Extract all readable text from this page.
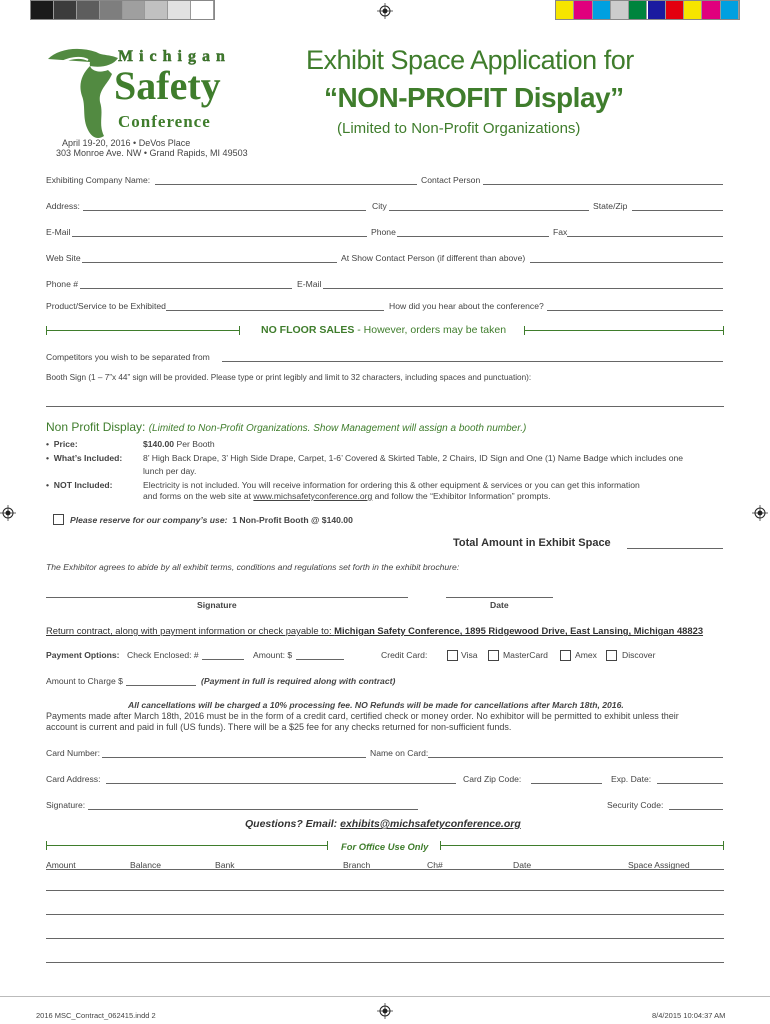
Michigan
Safety
Conference
April 19-20, 2016 • DeVos Place
303 Monroe Ave. NW • Grand Rapids, MI 49503
Exhibit Space Application for
“NON-PROFIT Display”
(Limited to Non-Profit Organizations)
Exhibiting Company Name:	Contact Person
Address:	City	State/Zip
E-Mail	Phone	Fax
Web Site	At Show Contact Person (if different than above)
Phone #	E-Mail
Product/Service to be Exhibited	How did you hear about the conference?
NO FLOOR SALES - However, orders may be taken
Competitors you wish to be separated from
Booth Sign (1 – 7”x 44” sign will be provided. Please type or print legibly and limit to 32 characters, including spaces and punctuation):
Non Profit Display: (Limited to Non-Profit Organizations. Show Management will assign a booth number.)
•  Price:	$140.00 Per Booth
•  What’s Included: 8’ High Back Drape, 3’ High Side Drape, Carpet, 1-6’ Covered & Skirted Table, 2 Chairs, ID Sign and One (1) Name Badge which includes one
lunch per day.
•  NOT Included:	Electricity is not included. You will receive information for ordering this & other equipment & services or you can get this information
and forms on the web site at www.michsafetyconference.org and follow the “Exhibitor Information” prompts.
Please reserve for our company’s use: 1 Non-Profit Booth @ $140.00
Total Amount in Exhibit Space
The Exhibitor agrees to abide by all exhibit terms, conditions and regulations set forth in the exhibit brochure:
Signature	Date
Return contract, along with payment information or check payable to: Michigan Safety Conference, 1895 Ridgewood Drive, East Lansing, Michigan 48823
Payment Options: Check Enclosed: #	Amount: $	Credit Card:	Visa	MasterCard	Amex	Discover
Amount to Charge $	(Payment in full is required along with contract)
All cancellations will be charged a 10% processing fee. NO Refunds will be made for cancellations after March 18th, 2016.
Payments made after March 18th, 2016 must be in the form of a credit card, certified check or money order. No exhibitor will be permitted to exhibit unless their
account is current and paid in full (US funds). There will be a $25 fee for any checks returned for non-sufficient funds.
Card Number:	Name on Card:
Card Address:	Card Zip Code:	Exp. Date:
Signature:	Security Code:
Questions? Email: exhibits@michsafetyconference.org
For Office Use Only
Amount	Balance	Bank	Branch	Ch#	Date	Space Assigned
2016 MSC_Contract_062415.indd 2	8/4/2015 10:04:37 AM
